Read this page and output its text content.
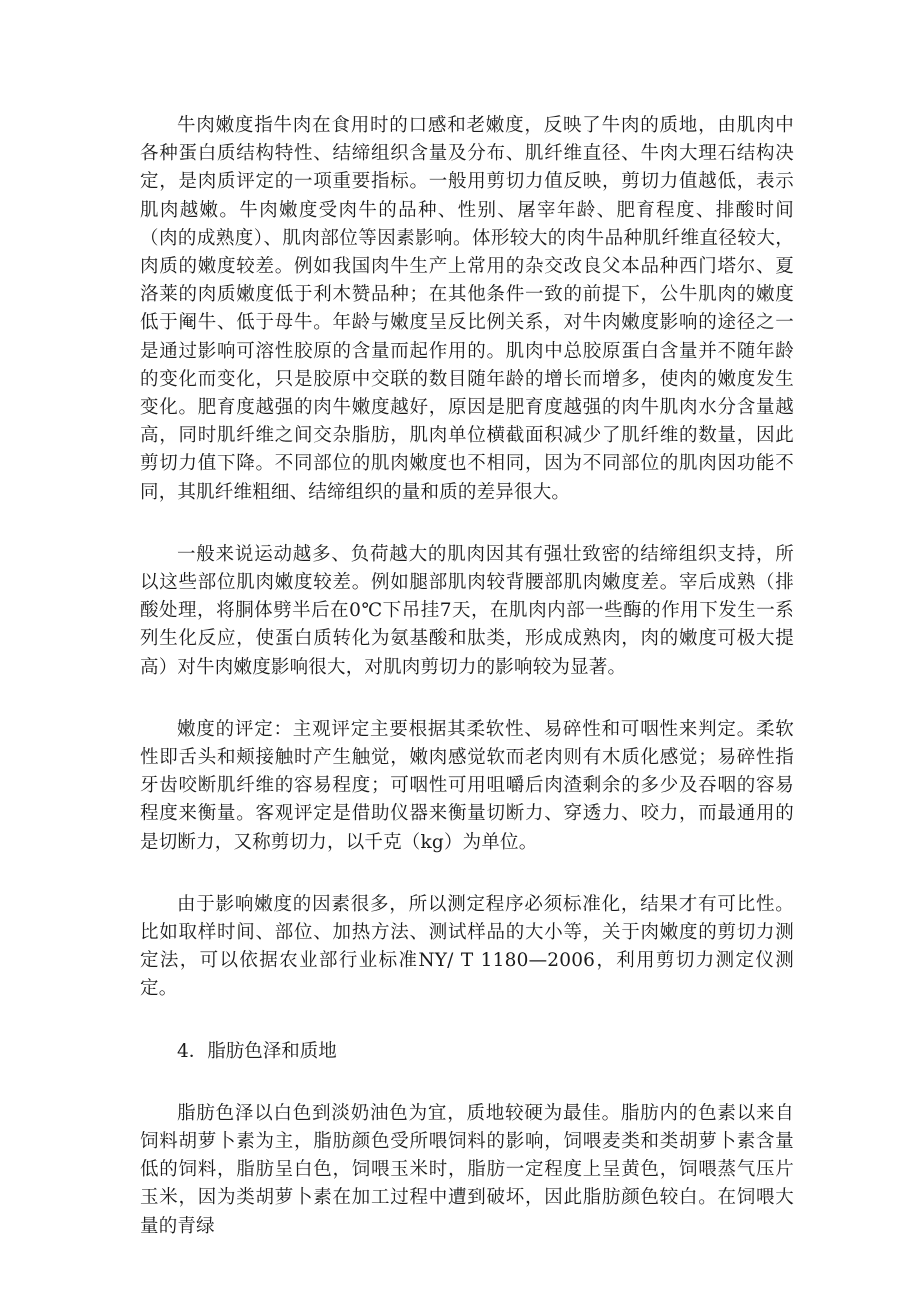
牛肉嫩度指牛肉在食用时的口感和老嫩度，反映了牛肉的质地，由肌肉中各种蛋白质结构特性、结缔组织含量及分布、肌纤维直径、牛肉大理石结构决定，是肉质评定的一项重要指标。一般用剪切力值反映，剪切力值越低，表示肌肉越嫩。牛肉嫩度受肉牛的品种、性别、屠宰年龄、肥育程度、排酸时间（肉的成熟度）、肌肉部位等因素影响。体形较大的肉牛品种肌纤维直径较大，肉质的嫩度较差。例如我国肉牛生产上常用的杂交改良父本品种西门塔尔、夏洛莱的肉质嫩度低于利木赞品种；在其他条件一致的前提下，公牛肌肉的嫩度低于阉牛、低于母牛。年龄与嫩度呈反比例关系，对牛肉嫩度影响的途径之一是通过影响可溶性胶原的含量而起作用的。肌肉中总胶原蛋白含量并不随年龄的变化而变化，只是胶原中交联的数目随年龄的增长而增多，使肉的嫩度发生变化。肥育度越强的肉牛嫩度越好，原因是肥育度越强的肉牛肌肉水分含量越高，同时肌纤维之间交杂脂肪，肌肉单位横截面积减少了肌纤维的数量，因此剪切力值下降。不同部位的肌肉嫩度也不相同，因为不同部位的肌肉因功能不同，其肌纤维粗细、结缔组织的量和质的差异很大。

一般来说运动越多、负荷越大的肌肉因其有强壮致密的结缔组织支持，所以这些部位肌肉嫩度较差。例如腿部肌肉较背腰部肌肉嫩度差。宰后成熟（排酸处理，将胴体劈半后在0℃下吊挂7天，在肌肉内部一些酶的作用下发生一系列生化反应，使蛋白质转化为氨基酸和肽类，形成成熟肉，肉的嫩度可极大提高）对牛肉嫩度影响很大，对肌肉剪切力的影响较为显著。

嫩度的评定：主观评定主要根据其柔软性、易碎性和可咽性来判定。柔软性即舌头和颊接触时产生触觉，嫩肉感觉软而老肉则有木质化感觉；易碎性指牙齿咬断肌纤维的容易程度；可咽性可用咀嚼后肉渣剩余的多少及吞咽的容易程度来衡量。客观评定是借助仪器来衡量切断力、穿透力、咬力，而最通用的是切断力，又称剪切力，以千克（kg）为单位。

由于影响嫩度的因素很多，所以测定程序必须标准化，结果才有可比性。比如取样时间、部位、加热方法、测试样品的大小等，关于肉嫩度的剪切力测定法，可以依据农业部行业标准NY/ T 1180—2006，利用剪切力测定仪测定。

4．脂肪色泽和质地

脂肪色泽以白色到淡奶油色为宜，质地较硬为最佳。脂肪内的色素以来自饲料胡萝卜素为主，脂肪颜色受所喂饲料的影响，饲喂麦类和类胡萝卜素含量低的饲料，脂肪呈白色，饲喂玉米时，脂肪一定程度上呈黄色，饲喂蒸气压片玉米，因为类胡萝卜素在加工过程中遭到破坏，因此脂肪颜色较白。在饲喂大量的青绿
